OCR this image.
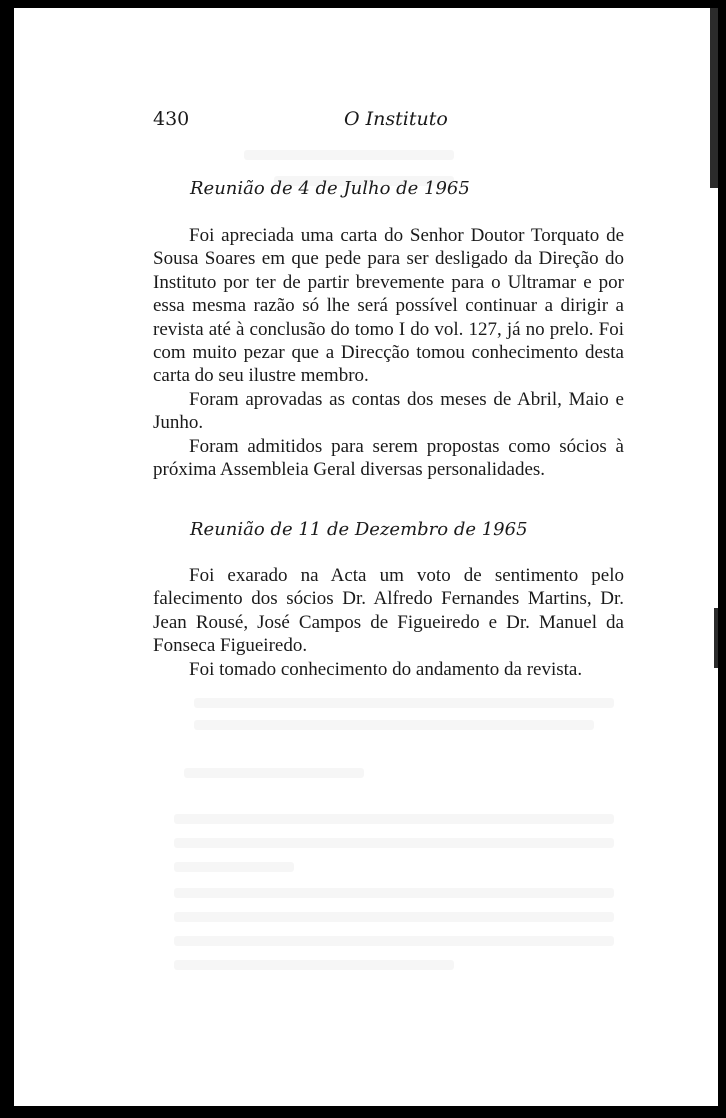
430	O Instituto
Reunião de 4 de Julho de 1965

Foi apreciada uma carta do Senhor Doutor Torquato de Sousa Soares em que pede para ser desligado da Direção do Instituto por ter de partir brevemente para o Ultramar e por essa mesma razão só lhe será possível continuar a dirigir a revista até à conclusão do tomo I do vol. 127, já no prelo. Foi com muito pezar que a Direcção tomou conhecimento desta carta do seu ilustre membro.

Foram aprovadas as contas dos meses de Abril, Maio e Junho.

Foram admitidos para serem propostas como sócios à próxima Assembleia Geral diversas personalidades.

Reunião de 11 de Dezembro de 1965

Foi exarado na Acta um voto de sentimento pelo falecimento dos sócios Dr. Alfredo Fernandes Martins, Dr. Jean Rousé, José Campos de Figueiredo e Dr. Manuel da Fonseca Figueiredo.

Foi tomado conhecimento do andamento da revista.
